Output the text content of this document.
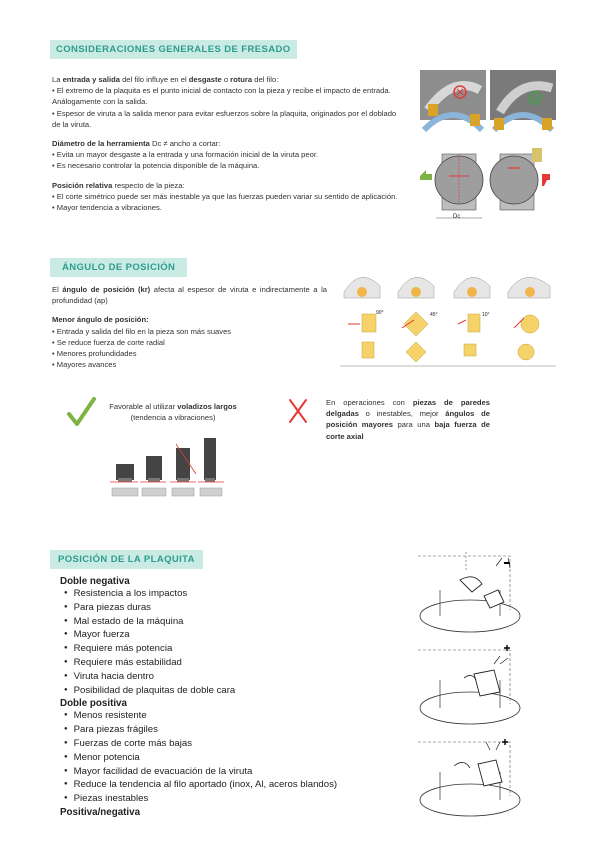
CONSIDERACIONES GENERALES DE FRESADO

La entrada y salida del filo influye en el desgaste o rotura del filo:

• El extremo de la plaquita es el punto inicial de contacto con la pieza y recibe el impacto de entrada. Análogamente con la salida.

• Espesor de viruta a la salida menor para evitar esfuerzos sobre la plaquita, originados por el doblado de la viruta.

Diámetro de la herramienta Dc ≠ ancho a cortar:

• Evita un mayor desgaste a la entrada y una formación inicial de la viruta peor.

• Es necesario controlar la potencia disponible de la máquina.

Posición relativa respecto de la pieza:

• El corte simétrico puede ser más inestable ya que las fuerzas pueden variar su sentido de aplicación.

• Mayor tendencia a vibraciones.

Dc
ÁNGULO DE POSICIÓN

El ángulo de posición (kr) afecta al espesor de viruta e indirectamente a la profundidad (ap)

Menor ángulo de posición:

• Entrada y salida del filo en la pieza son más suaves

• Se reduce fuerza de corte radial

• Menores profundidades

• Mayores avances

90°	45°	10°
Favorable al utilizar voladizos largos (tendencia a vibraciones)
En operaciones con piezas de paredes delgadas o inestables, mejor ángulos de posición mayores para una baja fuerza de corte axial
POSICIÓN DE LA PLAQUITA
Doble negativa
● Resistencia a los impactos
● Para piezas duras
● Mal estado de la máquina
● Mayor fuerza
● Requiere más potencia
● Requiere más estabilidad
● Viruta hacia dentro
● Posibilidad de plaquitas de doble cara
Doble positiva
● Menos resistente
● Para piezas frágiles
● Fuerzas de corte más bajas
● Menor potencia
● Mayor facilidad de evacuación de la viruta
● Reduce la tendencia al filo aportado (inox, Al, aceros blandos)
● Piezas inestables
Positiva/negativa
